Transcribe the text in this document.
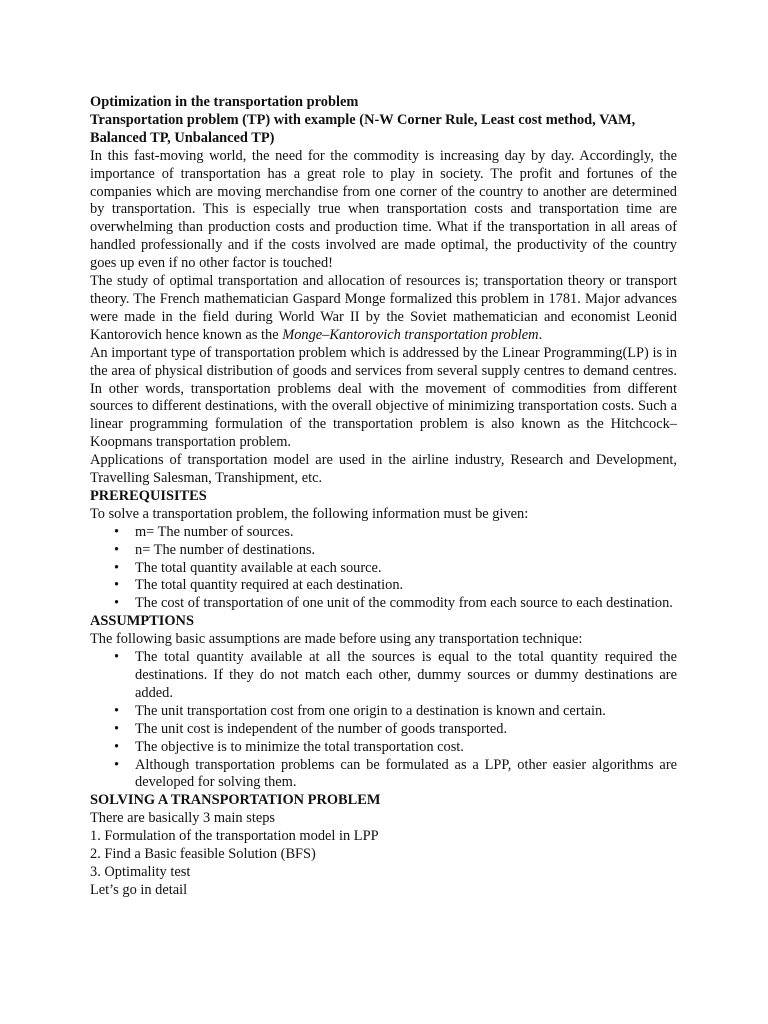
Optimization in the transportation problem
Transportation problem (TP) with example (N-W Corner Rule, Least cost method, VAM, Balanced TP, Unbalanced TP)

In this fast-moving world, the need for the commodity is increasing day by day. Accordingly, the importance of transportation has a great role to play in society. The profit and fortunes of the companies which are moving merchandise from one corner of the country to another are determined by transportation. This is especially true when transportation costs and transportation time are overwhelming than production costs and production time. What if the transportation in all areas of handled professionally and if the costs involved are made optimal, the productivity of the country goes up even if no other factor is touched!

The study of optimal transportation and allocation of resources is; transportation theory or transport theory. The French mathematician Gaspard Monge formalized this problem in 1781. Major advances were made in the field during World War II by the Soviet mathematician and economist Leonid Kantorovich hence known as the Monge–Kantorovich transportation problem.

An important type of transportation problem which is addressed by the Linear Programming(LP) is in the area of physical distribution of goods and services from several supply centres to demand centres. In other words, transportation problems deal with the movement of commodities from different sources to different destinations, with the overall objective of minimizing transportation costs. Such a linear programming formulation of the transportation problem is also known as the Hitchcock–Koopmans transportation problem.

Applications of transportation model are used in the airline industry, Research and Development, Travelling Salesman, Transhipment, etc.

PREREQUISITES

To solve a transportation problem, the following information must be given:

• m= The number of sources.
• n= The number of destinations.
• The total quantity available at each source.
• The total quantity required at each destination.
• The cost of transportation of one unit of the commodity from each source to each destination.
ASSUMPTIONS

The following basic assumptions are made before using any transportation technique:

• The total quantity available at all the sources is equal to the total quantity required the destinations. If they do not match each other, dummy sources or dummy destinations are added.
• The unit transportation cost from one origin to a destination is known and certain.
• The unit cost is independent of the number of goods transported.
• The objective is to minimize the total transportation cost.
• Although transportation problems can be formulated as a LPP, other easier algorithms are developed for solving them.
SOLVING A TRANSPORTATION PROBLEM

There are basically 3 main steps

1. Formulation of the transportation model in LPP

2. Find a Basic feasible Solution (BFS)

3. Optimality test

Let’s go in detail
